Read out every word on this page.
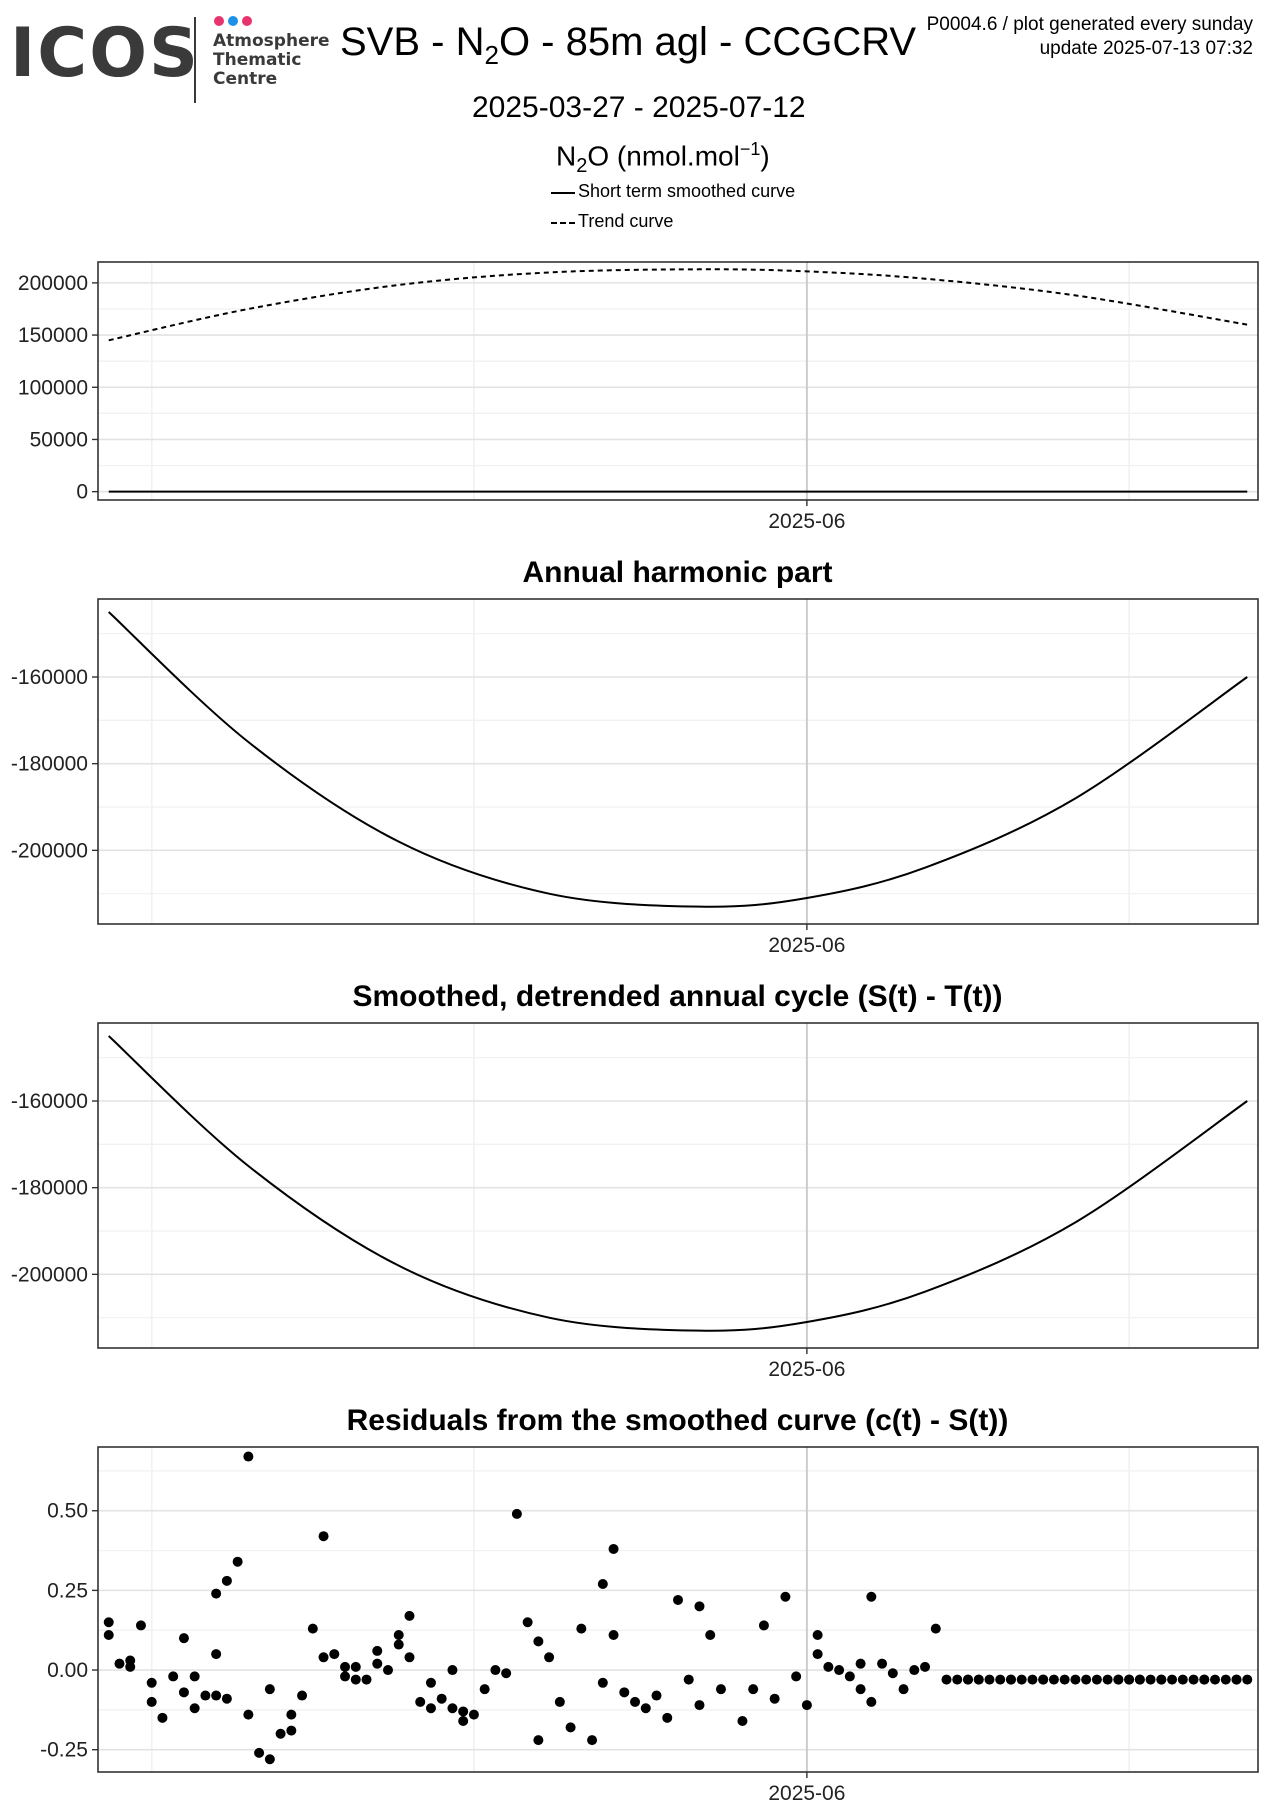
ICOS Atmosphere
Thematic
Centre
SVB - $N_2O - 85m$ agl - CCGCRV P0004.6 / plot generated every sunday
update 2025-07-13 07:32
2025-03-27 - 2025-07-12
$N_2O$ (nmol.mol$^{-1}$)
Short term smoothed curve
Trend curve
Annual harmonic part
Smoothed, detrended annual cycle (S(t) - T(t))
Residuals from the smoothed curve (c(t) - S(t))
0
50000
100000
150000
200000
2025-06
-200000
-180000
-160000
2025-06
-200000
-180000
-160000
2025-06
-0.25
0.00
0.25
0.50
2025-06
